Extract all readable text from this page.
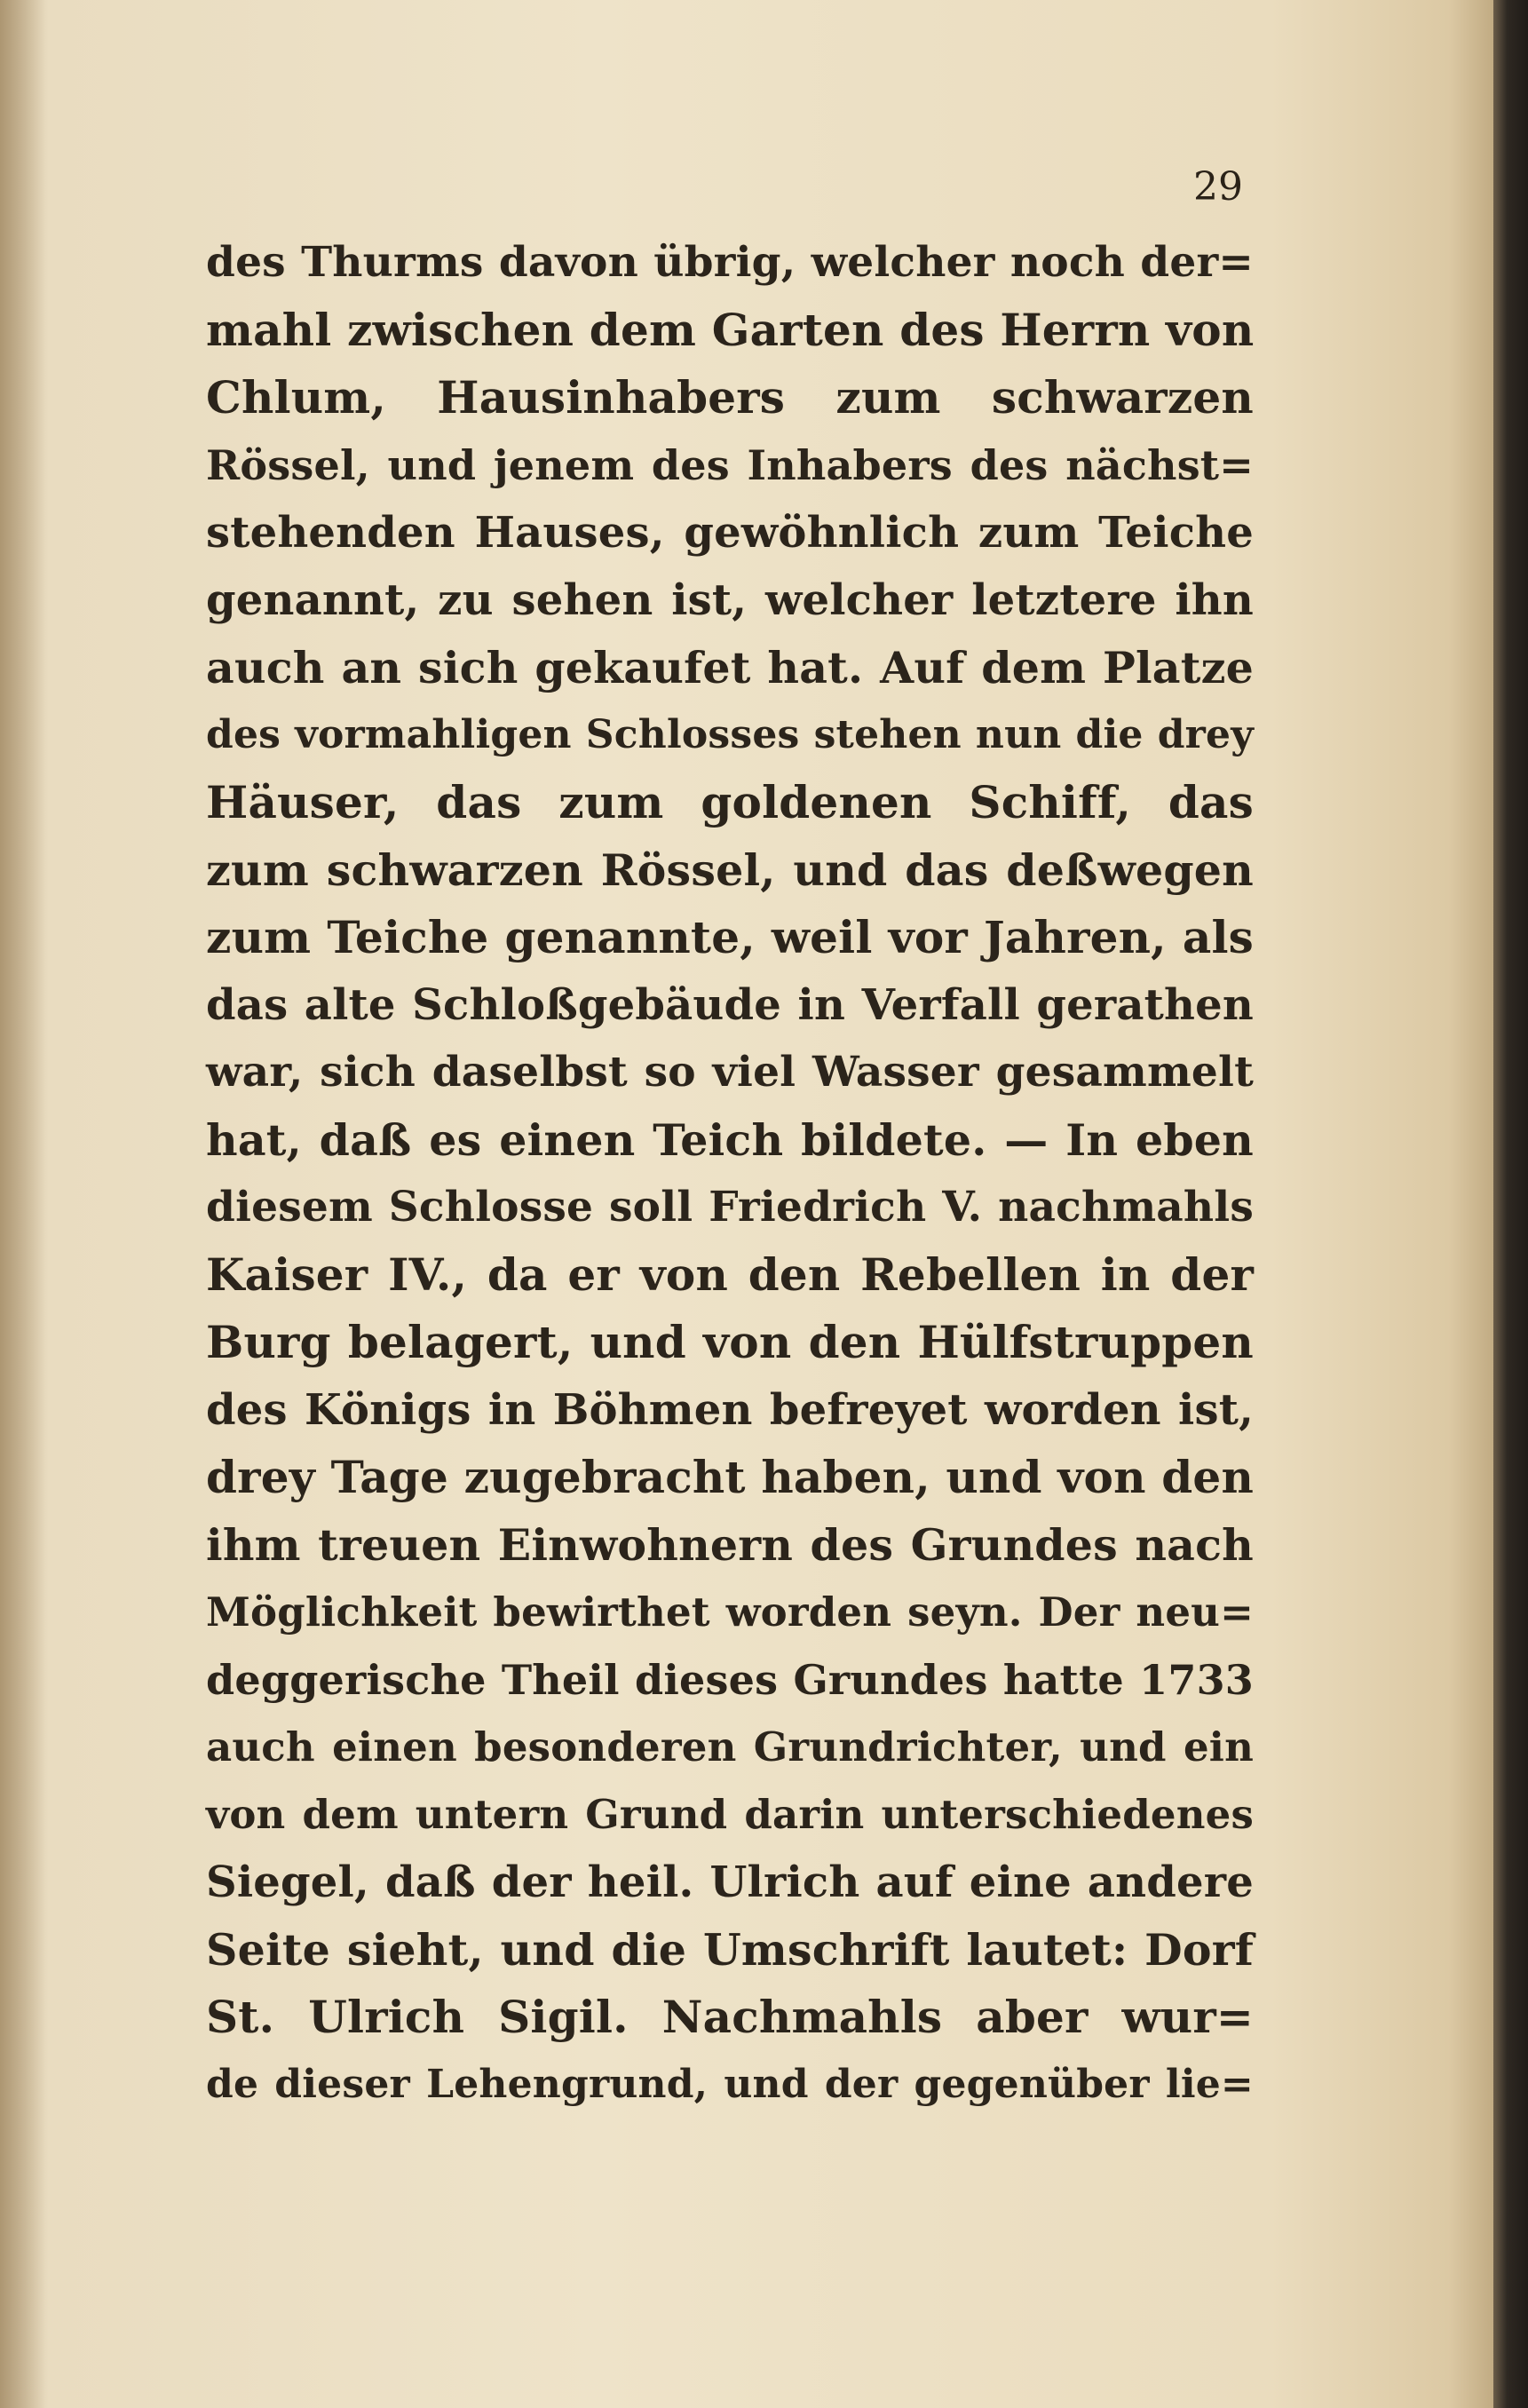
29
des Thurms davon übrig, welcher noch der=
mahl zwischen dem Garten des Herrn von
Chlum, Hausinhabers zum schwarzen
Rössel, und jenem des Inhabers des nächst=
stehenden Hauses, gewöhnlich zum Teiche
genannt, zu sehen ist, welcher letztere ihn
auch an sich gekaufet hat. Auf dem Platze
des vormahligen Schlosses stehen nun die drey
Häuser, das zum goldenen Schiff, das
zum schwarzen Rössel, und das deßwegen
zum Teiche genannte, weil vor Jahren, als
das alte Schloßgebäude in Verfall gerathen
war, sich daselbst so viel Wasser gesammelt
hat, daß es einen Teich bildete. — In eben
diesem Schlosse soll Friedrich V. nachmahls
Kaiser IV., da er von den Rebellen in der
Burg belagert, und von den Hülfstruppen
des Königs in Böhmen befreyet worden ist,
drey Tage zugebracht haben, und von den
ihm treuen Einwohnern des Grundes nach
Möglichkeit bewirthet worden seyn. Der neu=
deggerische Theil dieses Grundes hatte 1733
auch einen besonderen Grundrichter, und ein
von dem untern Grund darin unterschiedenes
Siegel, daß der heil. Ulrich auf eine andere
Seite sieht, und die Umschrift lautet: Dorf
St. Ulrich Sigil. Nachmahls aber wur=
de dieser Lehengrund, und der gegenüber lie=
